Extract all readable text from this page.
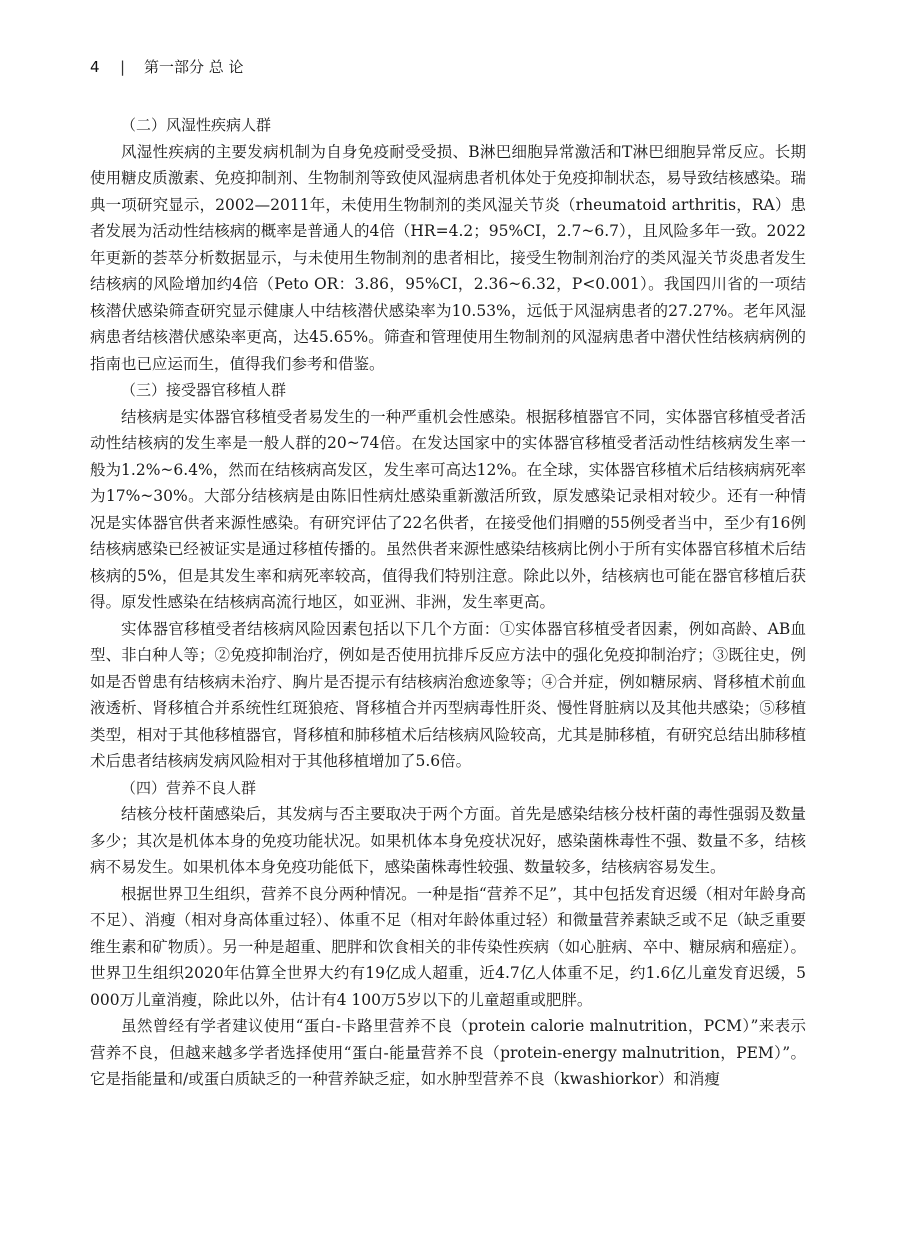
4 | 第一部分 总 论
（二）风湿性疾病人群

风湿性疾病的主要发病机制为自身免疫耐受受损、B淋巴细胞异常激活和T淋巴细胞异常反应。长期使用糖皮质激素、免疫抑制剂、生物制剂等致使风湿病患者机体处于免疫抑制状态，易导致结核感染。瑞典一项研究显示，2002—2011年，未使用生物制剂的类风湿关节炎（rheumatoid arthritis，RA）患者发展为活动性结核病的概率是普通人的4倍（HR=4.2；95%CI，2.7~6.7），且风险多年一致。2022年更新的荟萃分析数据显示，与未使用生物制剂的患者相比，接受生物制剂治疗的类风湿关节炎患者发生结核病的风险增加约4倍（Peto OR：3.86，95%CI，2.36~6.32，P<0.001）。我国四川省的一项结核潜伏感染筛查研究显示健康人中结核潜伏感染率为10.53%，远低于风湿病患者的27.27%。老年风湿病患者结核潜伏感染率更高，达45.65%。筛查和管理使用生物制剂的风湿病患者中潜伏性结核病病例的指南也已应运而生，值得我们参考和借鉴。

（三）接受器官移植人群

结核病是实体器官移植受者易发生的一种严重机会性感染。根据移植器官不同，实体器官移植受者活动性结核病的发生率是一般人群的20~74倍。在发达国家中的实体器官移植受者活动性结核病发生率一般为1.2%~6.4%，然而在结核病高发区，发生率可高达12%。在全球，实体器官移植术后结核病病死率为17%~30%。大部分结核病是由陈旧性病灶感染重新激活所致，原发感染记录相对较少。还有一种情况是实体器官供者来源性感染。有研究评估了22名供者，在接受他们捐赠的55例受者当中，至少有16例结核病感染已经被证实是通过移植传播的。虽然供者来源性感染结核病比例小于所有实体器官移植术后结核病的5%，但是其发生率和病死率较高，值得我们特别注意。除此以外，结核病也可能在器官移植后获得。原发性感染在结核病高流行地区，如亚洲、非洲，发生率更高。

实体器官移植受者结核病风险因素包括以下几个方面：①实体器官移植受者因素，例如高龄、AB血型、非白种人等；②免疫抑制治疗，例如是否使用抗排斥反应方法中的强化免疫抑制治疗；③既往史，例如是否曾患有结核病未治疗、胸片是否提示有结核病治愈迹象等；④合并症，例如糖尿病、肾移植术前血液透析、肾移植合并系统性红斑狼疮、肾移植合并丙型病毒性肝炎、慢性肾脏病以及其他共感染；⑤移植类型，相对于其他移植器官，肾移植和肺移植术后结核病风险较高，尤其是肺移植，有研究总结出肺移植术后患者结核病发病风险相对于其他移植增加了5.6倍。

（四）营养不良人群

结核分枝杆菌感染后，其发病与否主要取决于两个方面。首先是感染结核分枝杆菌的毒性强弱及数量多少；其次是机体本身的免疫功能状况。如果机体本身免疫状况好，感染菌株毒性不强、数量不多，结核病不易发生。如果机体本身免疫功能低下，感染菌株毒性较强、数量较多，结核病容易发生。

根据世界卫生组织，营养不良分两种情况。一种是指“营养不足”，其中包括发育迟缓（相对年龄身高不足）、消瘦（相对身高体重过轻）、体重不足（相对年龄体重过轻）和微量营养素缺乏或不足（缺乏重要维生素和矿物质）。另一种是超重、肥胖和饮食相关的非传染性疾病（如心脏病、卒中、糖尿病和癌症）。世界卫生组织2020年估算全世界大约有19亿成人超重，近4.7亿人体重不足，约1.6亿儿童发育迟缓，5 000万儿童消瘦，除此以外，估计有4 100万5岁以下的儿童超重或肥胖。

虽然曾经有学者建议使用“蛋白-卡路里营养不良（protein calorie malnutrition，PCM）”来表示营养不良，但越来越多学者选择使用“蛋白-能量营养不良（protein-energy malnutrition，PEM）”。它是指能量和/或蛋白质缺乏的一种营养缺乏症，如水肿型营养不良（kwashiorkor）和消瘦
